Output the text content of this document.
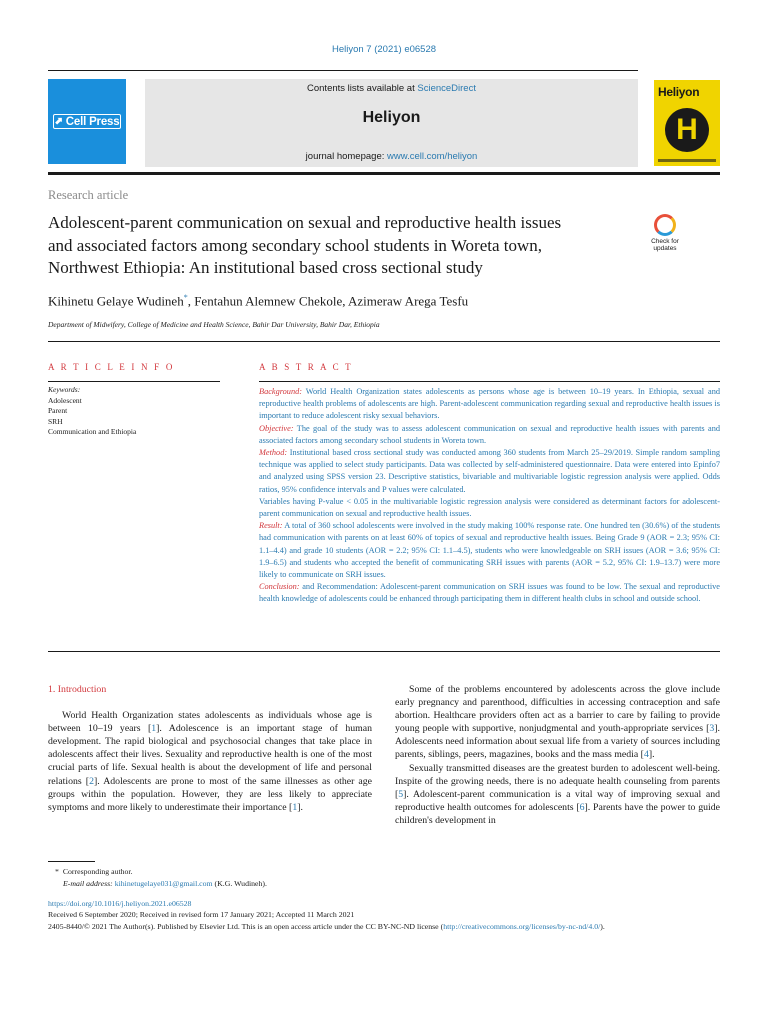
Heliyon 7 (2021) e06528
⬈ Cell Press
Contents lists available at ScienceDirect
Heliyon
journal homepage: www.cell.com/heliyon
Heliyon
H
Research article
Adolescent-parent communication on sexual and reproductive health issues
and associated factors among secondary school students in Woreta town,
Northwest Ethiopia: An institutional based cross sectional study
Check for updates
Kihinetu Gelaye Wudineh*, Fentahun Alemnew Chekole, Azimeraw Arega Tesfu
Department of Midwifery, College of Medicine and Health Science, Bahir Dar University, Bahir Dar, Ethiopia
A R T I C L E I N F O
Keywords:
Adolescent
Parent
SRH
Communication and Ethiopia
A B S T R A C T

Background: World Health Organization states adolescents as persons whose age is between 10–19 years. In Ethiopia, sexual and reproductive health problems of adolescents are high. Parent-adolescent communication regarding sexual and reproductive health issues is important to reduce adolescent risky sexual behaviors.

Objective: The goal of the study was to assess adolescent communication on sexual and reproductive health issues with parents and associated factors among secondary school students in Woreta town.

Method: Institutional based cross sectional study was conducted among 360 students from March 25–29/2019. Simple random sampling technique was applied to select study participants. Data was collected by self-administered questionnaire. Data were entered into Epinfo7 and analyzed using SPSS version 23. Descriptive statistics, bivariable and multivariable logistic regression analysis were applied. Odds ratios, 95% confidence intervals and P values were calculated.

Variables having P-value < 0.05 in the multivariable logistic regression analysis were considered as determinant factors for adolescent-parent communication on sexual and reproductive health issues.

Result: A total of 360 school adolescents were involved in the study making 100% response rate. One hundred ten (30.6%) of the students had communication with parents on at least 60% of topics of sexual and reproductive health issues. Being Grade 9 (AOR = 2.3; 95% CI: 1.1–4.4) and grade 10 students (AOR = 2.2; 95% CI: 1.1–4.5), students who were knowledgeable on SRH issues (AOR = 3.6; 95% CI: 1.9–6.5) and students who accepted the benefit of communicating SRH issues with parents (AOR = 5.2, 95% CI: 1.9–13.7) were more likely to communicate on SRH issues.

Conclusion: and Recommendation: Adolescent-parent communication on SRH issues was found to be low. The sexual and reproductive health knowledge of adolescents could be enhanced through participating them in different health clubs in school and outside school.

1. Introduction

World Health Organization states adolescents as individuals whose age is between 10–19 years [1]. Adolescence is an important stage of human development. The rapid biological and psychosocial changes that take place in adolescents affect their lives. Sexuality and reproductive health is one of the most crucial parts of life. Sexual health is about the development of life and personal relations [2]. Adolescents are prone to most of the same illnesses as other age groups within the population. However, they are less likely to appreciate symptoms and more likely to underestimate their importance [1].

Some of the problems encountered by adolescents across the glove include early pregnancy and parenthood, difficulties in accessing contraception and safe abortion. Healthcare providers often act as a barrier to care by failing to provide young people with supportive, nonjudgmental and youth-appropriate services [3]. Adolescents need information about sexual life from a variety of sources including parents, siblings, peers, magazines, books and the mass media [4].

Sexually transmitted diseases are the greatest burden to adolescent well-being. Inspite of the growing needs, there is no adequate health counseling from parents [5]. Adolescent-parent communication is a vital way of improving sexual and reproductive health outcomes for adolescents [6]. Parents have the power to guide children's development in

* Corresponding author.
E-mail address: kihinetugelaye031@gmail.com (K.G. Wudineh).
https://doi.org/10.1016/j.heliyon.2021.e06528
Received 6 September 2020; Received in revised form 17 January 2021; Accepted 11 March 2021
2405-8440/© 2021 The Author(s). Published by Elsevier Ltd. This is an open access article under the CC BY-NC-ND license (http://creativecommons.org/licenses/by-nc-nd/4.0/).
